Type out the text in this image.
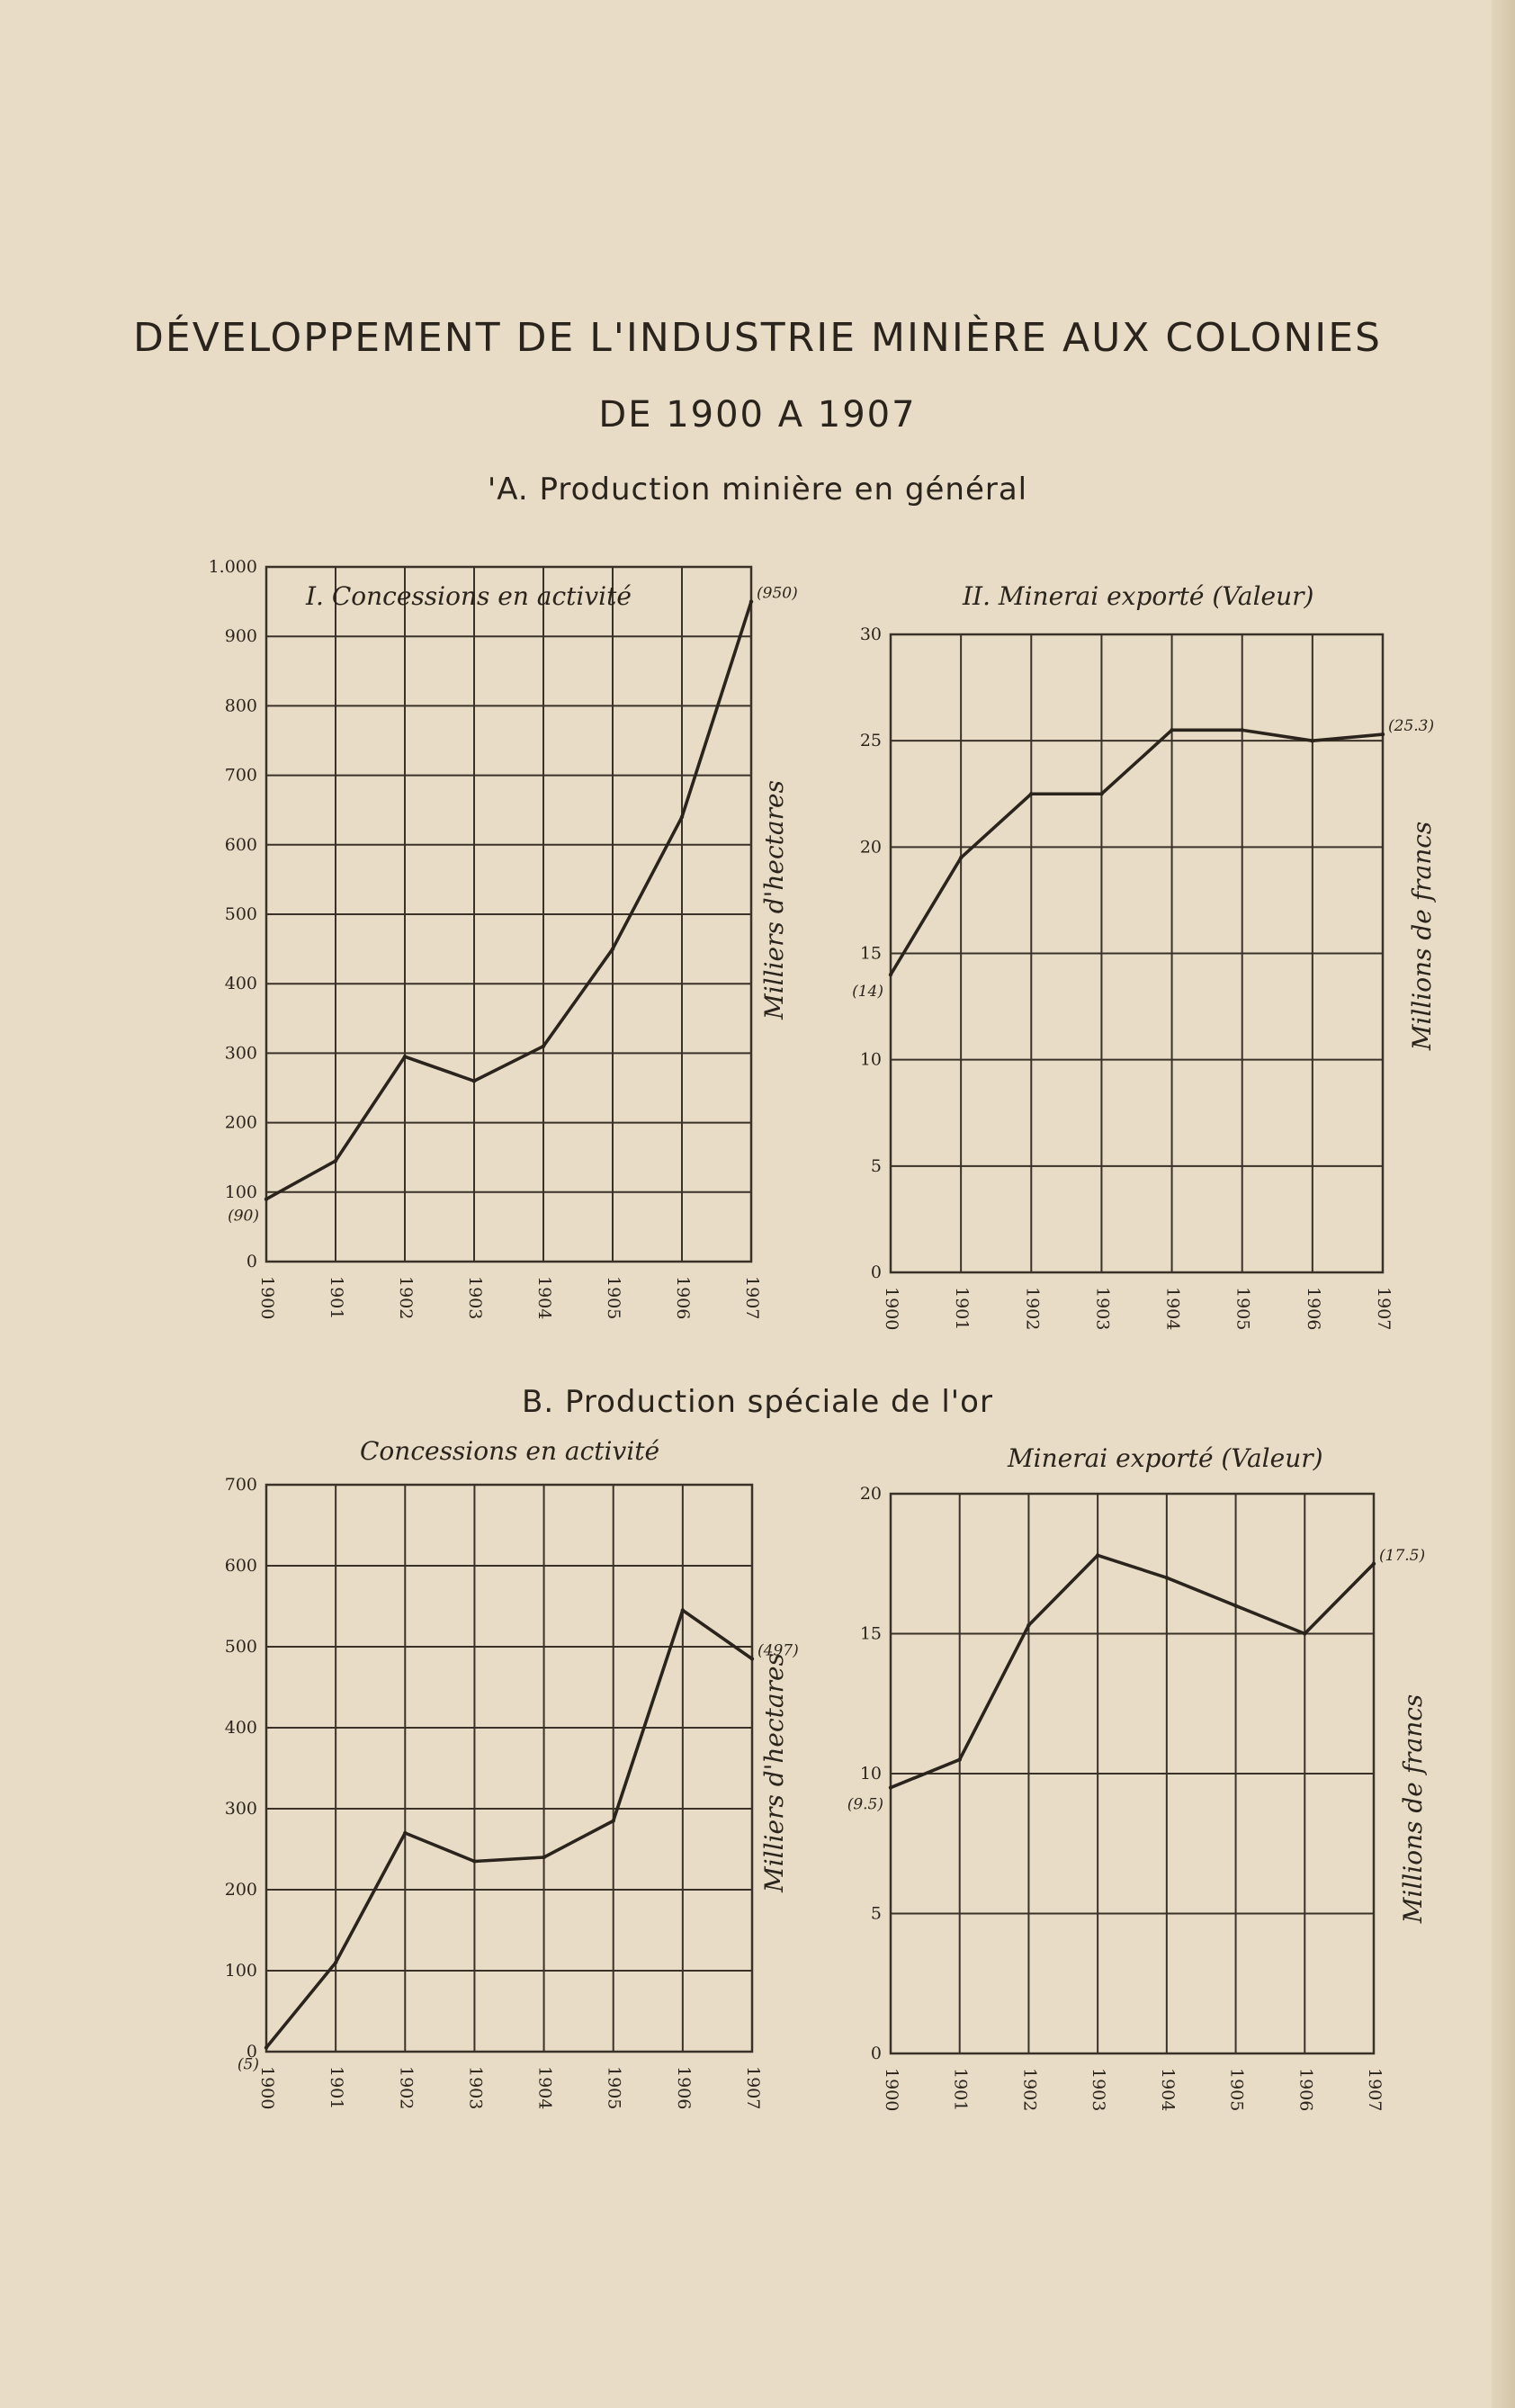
DÉVELOPPEMENT DE L'INDUSTRIE MINIÈRE AUX COLONIES
DE 1900 A 1907
'A. Production minière en général
B. Production spéciale de l'or
1.000
900
800
700
600
500
400
300
200
100
0
1900	1901	1902	1903	1904	1905	1906	1907
I. Concessions en activité
Milliers d'hectares
(90)
(950)
30
25
20
15
10
5
0
1900	1901	1902	1903	1904	1905	1906	1907
II. Minerai exporté (Valeur)
Millions de francs
(14)
(25.3)
700
600
500
400
300
200
100
0
1900	1901	1902	1903	1904	1905	1906	1907
Concessions en activité
Milliers d'hectares
(5)
(497)
20
15
10
5
0
1900	1901	1902	1903	1904	1905	1906	1907
Minerai exporté (Valeur)
Millions de francs
(9.5)
(17.5)
